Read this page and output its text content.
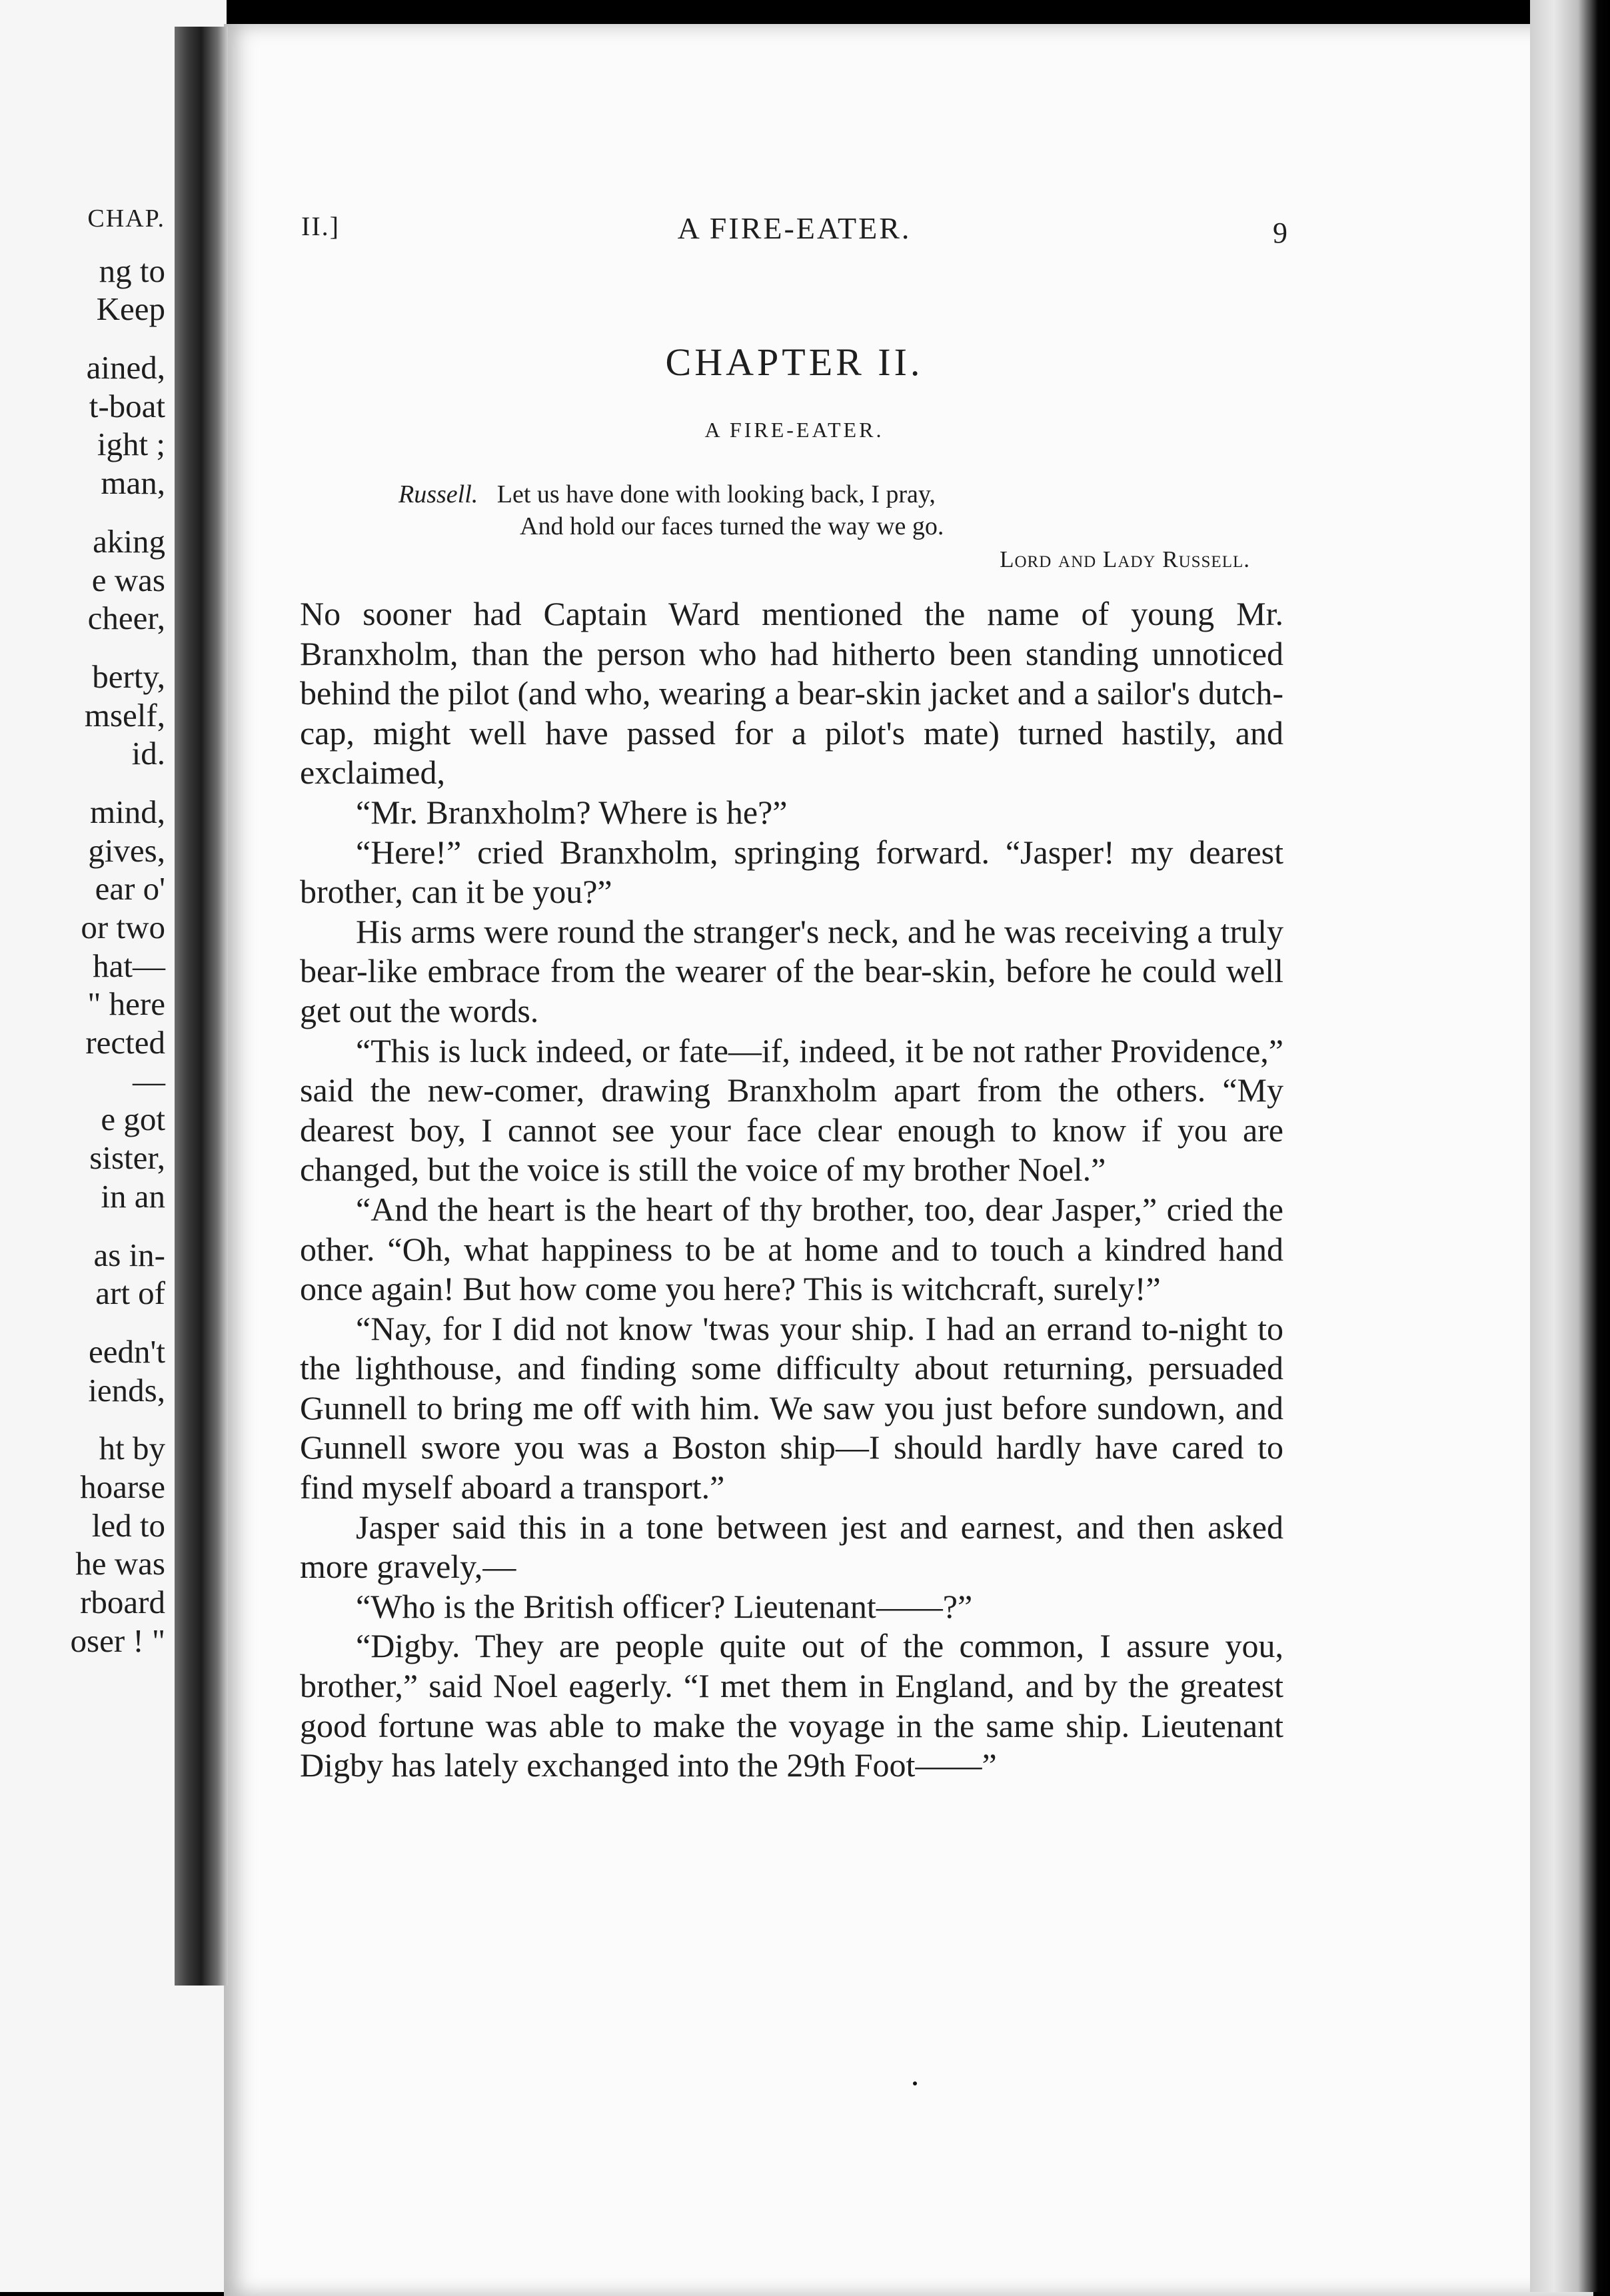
CHAP.
ng to
Keep
ained,
t-boat
ight ;
man,
aking
e was
cheer,
berty,
mself,
id.
mind,
gives,
ear o'
or two
hat—
" here
rected
—
e got
sister,
in an
as in-
art of
eedn't
iends,
ht by
hoarse
led to
he was
rboard
oser ! "
II.]	A FIRE-EATER.	9
CHAPTER II.
A FIRE-EATER.
Russell. Let us have done with looking back, I pray,
And hold our faces turned the way we go.
Lord and Lady Russell.
No sooner had Captain Ward mentioned the name of young Mr. Branxholm, than the person who had hitherto been standing unnoticed behind the pilot (and who, wearing a bear-skin jacket and a sailor's dutch-cap, might well have passed for a pilot's mate) turned hastily, and exclaimed,
“Mr. Branxholm? Where is he?”
“Here!” cried Branxholm, springing forward. “Jasper! my dearest brother, can it be you?”
His arms were round the stranger's neck, and he was receiving a truly bear-like embrace from the wearer of the bear-skin, before he could well get out the words.
“This is luck indeed, or fate—if, indeed, it be not rather Providence,” said the new-comer, drawing Branxholm apart from the others. “My dearest boy, I cannot see your face clear enough to know if you are changed, but the voice is still the voice of my brother Noel.”
“And the heart is the heart of thy brother, too, dear Jasper,” cried the other. “Oh, what happiness to be at home and to touch a kindred hand once again! But how come you here? This is witchcraft, surely!”
“Nay, for I did not know 'twas your ship. I had an errand to-night to the lighthouse, and finding some difficulty about returning, persuaded Gunnell to bring me off with him. We saw you just before sundown, and Gunnell swore you was a Boston ship—I should hardly have cared to find myself aboard a transport.”
Jasper said this in a tone between jest and earnest, and then asked more gravely,—
“Who is the British officer? Lieutenant——?”
“Digby. They are people quite out of the common, I assure you, brother,” said Noel eagerly. “I met them in England, and by the greatest good fortune was able to make the voyage in the same ship. Lieutenant Digby has lately exchanged into the 29th Foot——”
